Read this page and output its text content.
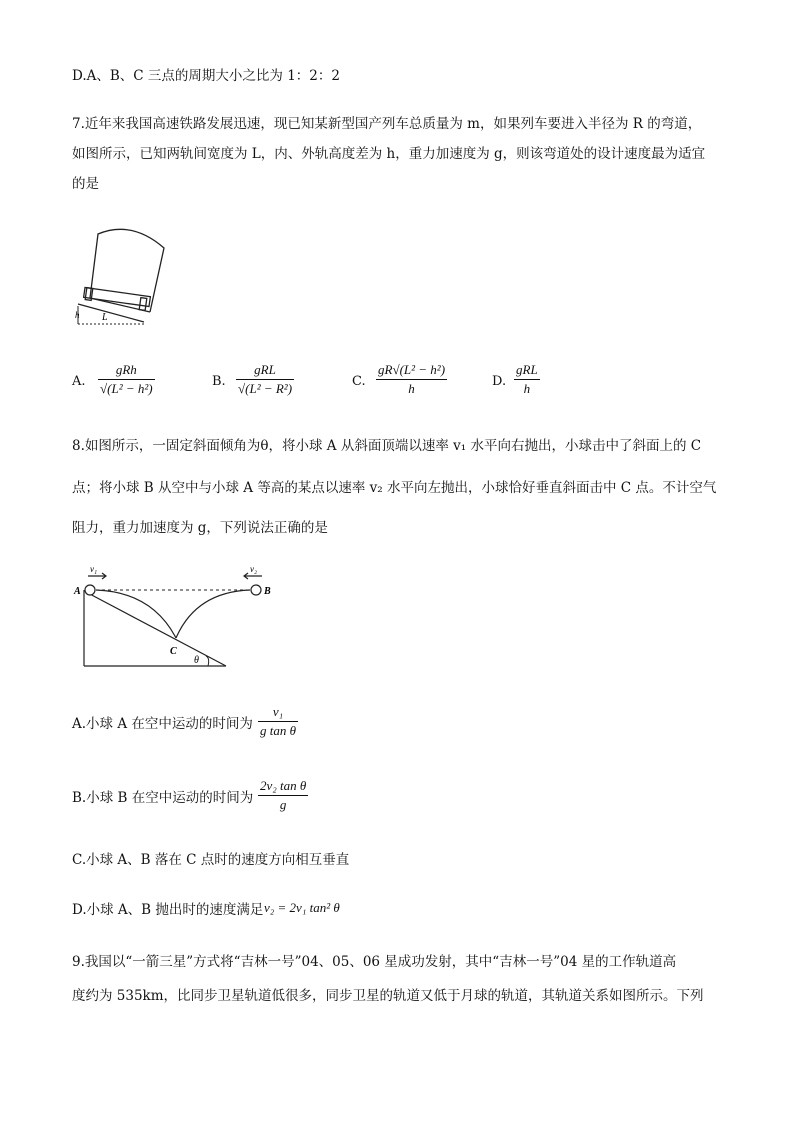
D.A、B、C 三点的周期大小之比为 1：2：2
7.近年来我国高速铁路发展迅速，现已知某新型国产列车总质量为 m，如果列车要进入半径为 R 的弯道，
如图所示，已知两轨间宽度为 L，内、外轨高度差为 h，重力加速度为 g，则该弯道处的设计速度最为适宜
的是
h L
A.
gRh
√(L² − h²)	B.
gRL
√(L² − R²)	C.
gR√(L² − h²)
h	D.
gRL
h
8.如图所示，一固定斜面倾角为θ，将小球 A 从斜面顶端以速率 v₁ 水平向右抛出，小球击中了斜面上的 C
点；将小球 B 从空中与小球 A 等高的某点以速率 v₂ 水平向左抛出，小球恰好垂直斜面击中 C 点。不计空气
阻力，重力加速度为 g，下列说法正确的是
v₁	v₂
A	B
C
θ
A.小球 A 在空中运动的时间为
v₁
g tan θ
B.小球 B 在空中运动的时间为
2v₂ tan θ
g
C.小球 A、B 落在 C 点时的速度方向相互垂直
D.小球 A、B 抛出时的速度满足 v₂ = 2v₁ tan² θ
9.我国以“一箭三星”方式将“吉林一号”04、05、06 星成功发射，其中“吉林一号”04 星的工作轨道高
度约为 535km，比同步卫星轨道低很多，同步卫星的轨道又低于月球的轨道，其轨道关系如图所示。下列
